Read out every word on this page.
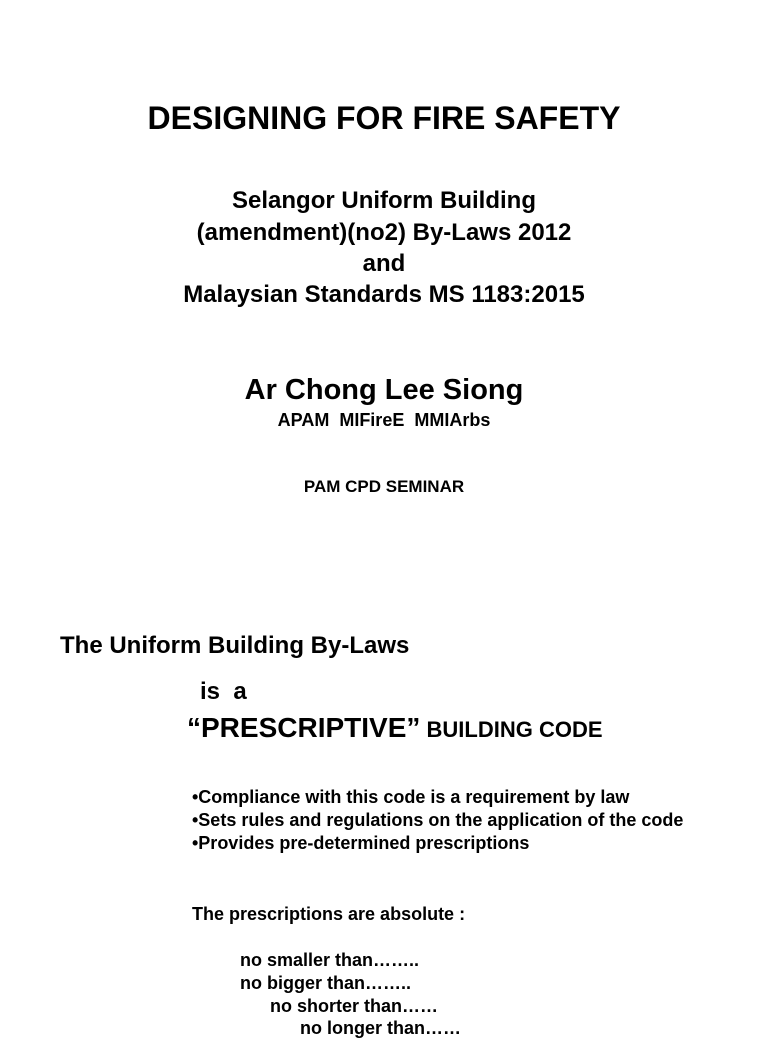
DESIGNING FOR FIRE SAFETY
Selangor Uniform Building
(amendment)(no2) By-Laws 2012
and
Malaysian Standards MS 1183:2015
Ar Chong Lee Siong
APAM  MIFireE  MMIArbs
PAM CPD SEMINAR
The Uniform Building By-Laws
is  a
“PRESCRIPTIVE” BUILDING CODE
•Compliance with this code is a requirement by law
•Sets rules and regulations on the application of the code
•Provides pre-determined prescriptions
The prescriptions are absolute :
no smaller than……..
no bigger than……..
no shorter than……
no longer than……
